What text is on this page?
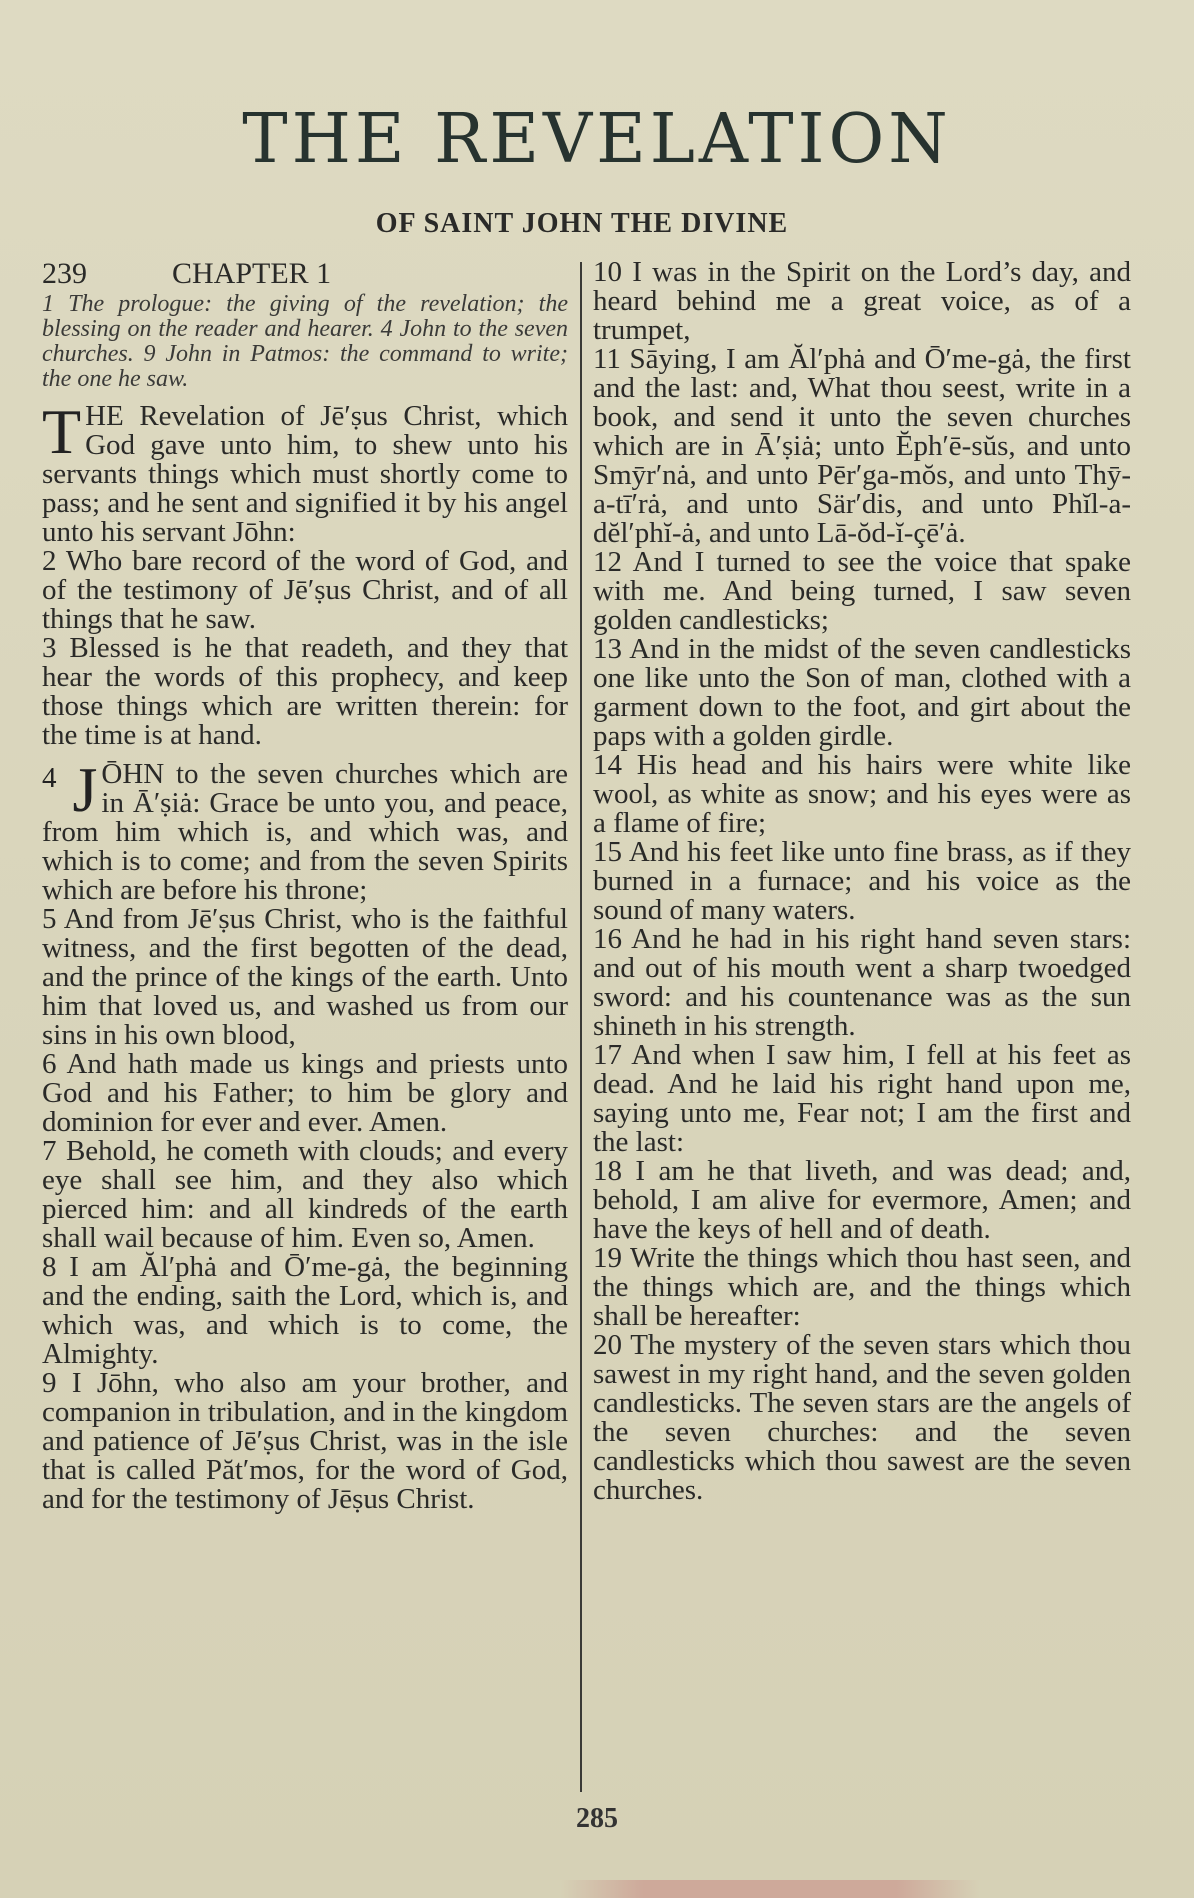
THE REVELATION
OF SAINT JOHN THE DIVINE
239	CHAPTER 1

1 The prologue: the giving of the revelation; the blessing on the reader and hearer. 4 John to the seven churches. 9 John in Patmos: the command to write; the one he saw.

THE Revelation of Jē′ṣus Christ, which God gave unto him, to shew unto his servants things which must shortly come to pass; and he sent and signified it by his angel unto his servant Jōhn:

2 Who bare record of the word of God, and of the testimony of Jē′ṣus Christ, and of all things that he saw.

3 Blessed is he that readeth, and they that hear the words of this prophecy, and keep those things which are written therein: for the time is at hand.

$^4$ J ŌHN to the seven churches which are in Ā′ṣiȧ: Grace be unto you, and peace, from him which is, and which was, and which is to come; and from the seven Spirits which are before his throne;

5 And from Jē′ṣus Christ, who is the faithful witness, and the first begotten of the dead, and the prince of the kings of the earth. Unto him that loved us, and washed us from our sins in his own blood,

6 And hath made us kings and priests unto God and his Father; to him be glory and dominion for ever and ever. Amen.

7 Behold, he cometh with clouds; and every eye shall see him, and they also which pierced him: and all kindreds of the earth shall wail because of him. Even so, Amen.

8 I am Ăl′phȧ and Ō′me-gȧ, the beginning and the ending, saith the Lord, which is, and which was, and which is to come, the Almighty.

9 I Jōhn, who also am your brother, and companion in tribulation, and in the kingdom and patience of Jē′ṣus Christ, was in the isle that is called Păt′mos, for the word of God, and for the testimony of Jēṣus Christ.

10 I was in the Spirit on the Lord’s day, and heard behind me a great voice, as of a trumpet,

11 Sāying, I am Ăl′phȧ and Ō′me-gȧ, the first and the last: and, What thou seest, write in a book, and send it unto the seven churches which are in Ā′ṣiȧ; unto Ĕph′ē-sŭs, and unto Smȳr′nȧ, and unto Pēr′ga-mŏs, and unto Thȳ-a-tī′rȧ, and unto Sär′dis, and unto Phĭl-a-dĕl′phĭ-ȧ, and unto Lā-ŏd-ĭ-çē′ȧ.

12 And I turned to see the voice that spake with me. And being turned, I saw seven golden candlesticks;

13 And in the midst of the seven candlesticks one like unto the Son of man, clothed with a garment down to the foot, and girt about the paps with a golden girdle.

14 His head and his hairs were white like wool, as white as snow; and his eyes were as a flame of fire;

15 And his feet like unto fine brass, as if they burned in a furnace; and his voice as the sound of many waters.

16 And he had in his right hand seven stars: and out of his mouth went a sharp twoedged sword: and his countenance was as the sun shineth in his strength.

17 And when I saw him, I fell at his feet as dead. And he laid his right hand upon me, saying unto me, Fear not; I am the first and the last:

18 I am he that liveth, and was dead; and, behold, I am alive for evermore, Amen; and have the keys of hell and of death.

19 Write the things which thou hast seen, and the things which are, and the things which shall be hereafter:

20 The mystery of the seven stars which thou sawest in my right hand, and the seven golden candlesticks. The seven stars are the angels of the seven churches: and the seven candlesticks which thou sawest are the seven churches.

285
